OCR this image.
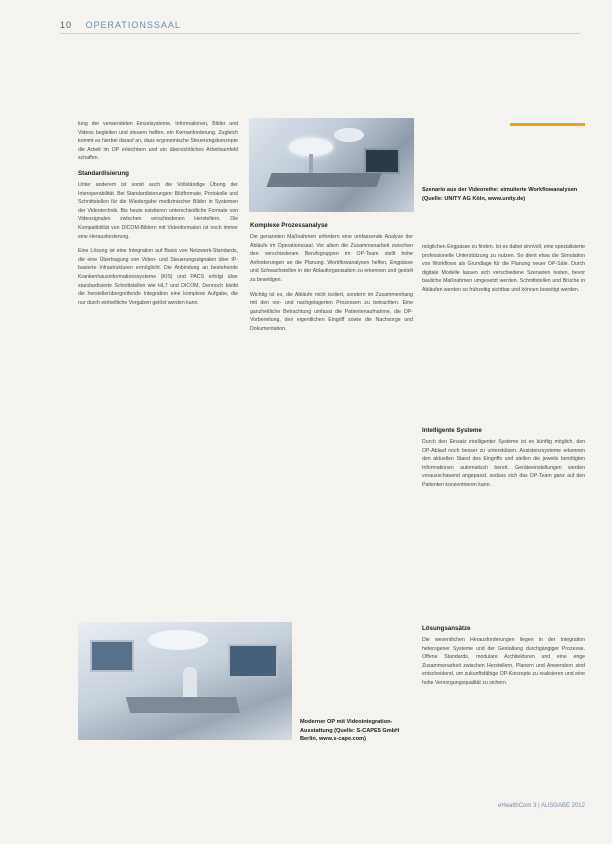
10 OPERATIONSSAAL

lung der verwendeten Einzelsysteme, Informationen, Bilder und Videos begleiten und steuern helfen, ein Kernanforderung. Zugleich kommt es hierbei darauf an, dass ergonomische Steuerungskonzepte die Arbeit im OP erleichtern und ein übersichtliches Arbeitsumfeld schaffen.

Standardisierung

Unter anderem ist somit auch die Vollständige Übung der Interoperabilität. Bei Standardisierungen: Bildformate, Protokolle und Schnittstellen für die Wiedergabe medizinischer Bilder in Systemen der Videotechnik. Bis heute existieren unterschiedliche Formate von Videosignalen zwischen verschiedenen Herstellern. Die Kompatibilität von DICOM-Bildern mit Videoformaten ist noch immer eine Herausforderung.

Eine Lösung ist eine Integration auf Basis von Netzwerk-Standards, die eine Übertragung von Video- und Steuerungssignalen über IP-basierte Infrastrukturen ermöglicht. Die Anbindung an bestehende Krankenhausinformationssysteme (KIS) und PACS erfolgt über standardisierte Schnittstellen wie HL7 und DICOM. Dennoch bleibt die herstellerübergreifende Integration eine komplexe Aufgabe, die nur durch einheitliche Vorgaben gelöst werden kann.

Szenario aus der Videoreihe: simulierte Workflowanalysen (Quelle: UNITY AG Köln, www.unity.de)
Komplexe Prozessanalyse

Die genannten Maßnahmen erfordern eine umfassende Analyse der Abläufe im Operationssaal. Vor allem die Zusammenarbeit zwischen den verschiedenen Berufsgruppen im OP-Team stellt hohe Anforderungen an die Planung. Workflowanalysen helfen, Engpässe und Schwachstellen in der Ablauforganisation zu erkennen und gezielt zu beseitigen.

Wichtig ist es, die Abläufe nicht isoliert, sondern im Zusammenhang mit den vor- und nachgelagerten Prozessen zu betrachten. Eine ganzheitliche Betrachtung umfasst die Patientenaufnahme, die OP-Vorbereitung, den eigentlichen Eingriff sowie die Nachsorge und Dokumentation.

möglichen Engpässe zu finden. Ist es dabei sinnvoll, eine spezialisierte professionelle Unterstützung zu nutzen. So dient etwa die Simulation von Workflows als Grundlage für die Planung neuer OP-Säle. Durch digitale Modelle lassen sich verschiedene Szenarien testen, bevor bauliche Maßnahmen umgesetzt werden. Schnittstellen und Brüche in Abläufen werden so frühzeitig sichtbar und können beseitigt werden.

Intelligente Systeme

Durch den Einsatz intelligenter Systeme ist es künftig möglich, den OP-Ablauf noch besser zu unterstützen. Assistenzsysteme erkennen den aktuellen Stand des Eingriffs und stellen die jeweils benötigten Informationen automatisch bereit. Geräteeinstellungen werden vorausschauend angepasst, sodass sich das OP-Team ganz auf den Patienten konzentrieren kann.

Lösungsansätze

Die wesentlichen Herausforderungen liegen in der Integration heterogener Systeme und der Gestaltung durchgängiger Prozesse. Offene Standards, modulare Architekturen und eine enge Zusammenarbeit zwischen Herstellern, Planern und Anwendern sind entscheidend, um zukunftsfähige OP-Konzepte zu realisieren und eine hohe Versorgungsqualität zu sichern.

Moderner OP mit Videointegration-Ausstattung (Quelle: S-CAPE5 GmbH Berlin, www.s-cape.com)
eHealthCom 3 | AUSGABE 2012
